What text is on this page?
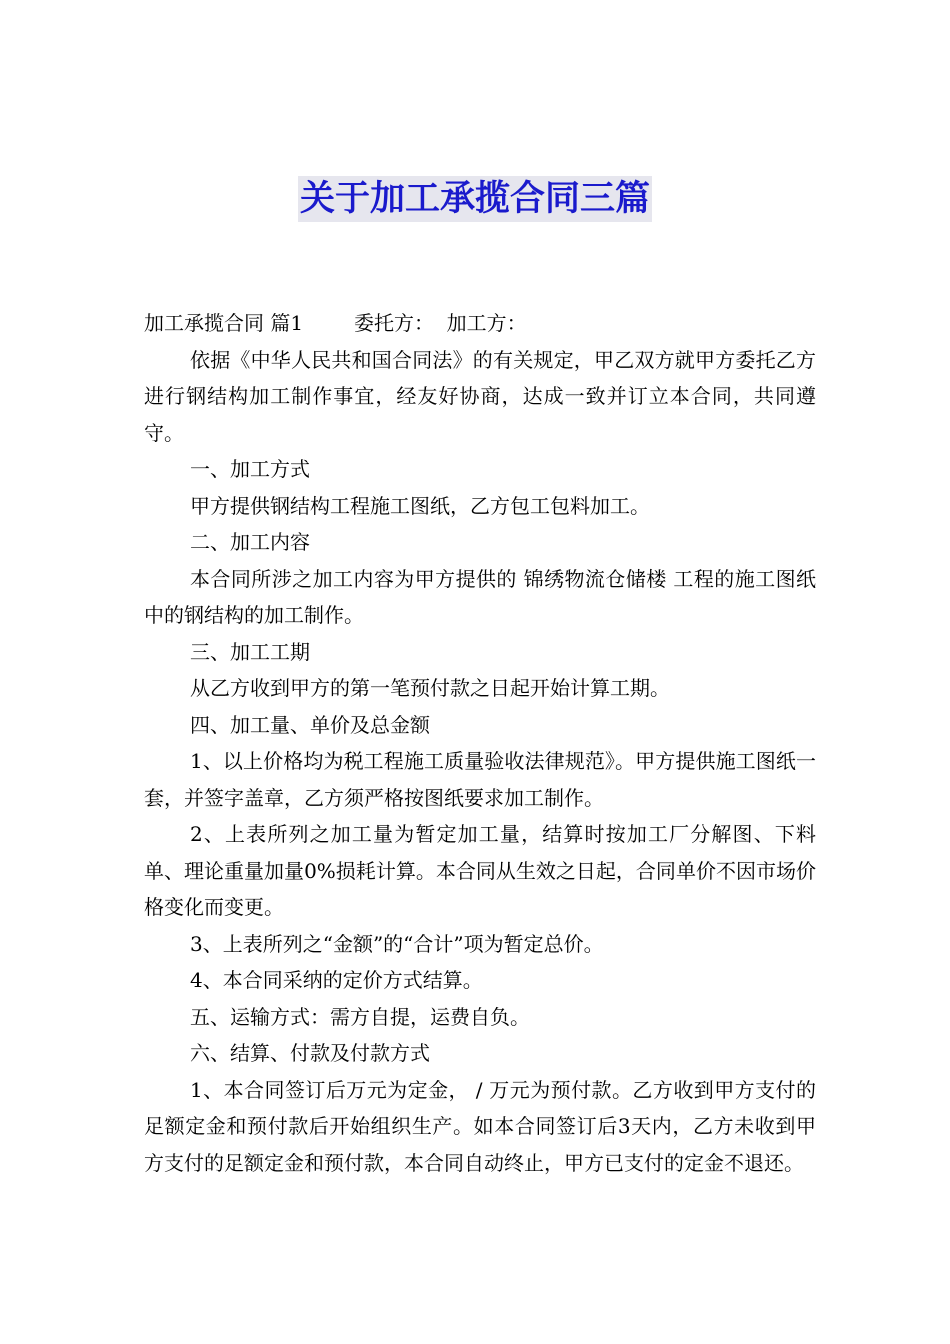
关于加工承揽合同三篇

加工承揽合同 篇1        委托方：  加工方：

依据《中华人民共和国合同法》的有关规定，甲乙双方就甲方委托乙方进行钢结构加工制作事宜，经友好协商，达成一致并订立本合同，共同遵守。

一、加工方式

甲方提供钢结构工程施工图纸，乙方包工包料加工。

二、加工内容

本合同所涉之加工内容为甲方提供的 锦绣物流仓储楼 工程的施工图纸中的钢结构的加工制作。

三、加工工期

从乙方收到甲方的第一笔预付款之日起开始计算工期。

四、加工量、单价及总金额

1、以上价格均为税工程施工质量验收法律规范》。甲方提供施工图纸一套，并签字盖章，乙方须严格按图纸要求加工制作。

2、上表所列之加工量为暂定加工量，结算时按加工厂分解图、下料单、理论重量加量0%损耗计算。本合同从生效之日起，合同单价不因市场价格变化而变更。

3、上表所列之“金额”的“合计”项为暂定总价。

4、本合同采纳的定价方式结算。

五、运输方式：需方自提，运费自负。

六、结算、付款及付款方式

1、本合同签订后万元为定金， / 万元为预付款。乙方收到甲方支付的足额定金和预付款后开始组织生产。如本合同签订后3天内，乙方未收到甲方支付的足额定金和预付款，本合同自动终止，甲方已支付的定金不退还。
